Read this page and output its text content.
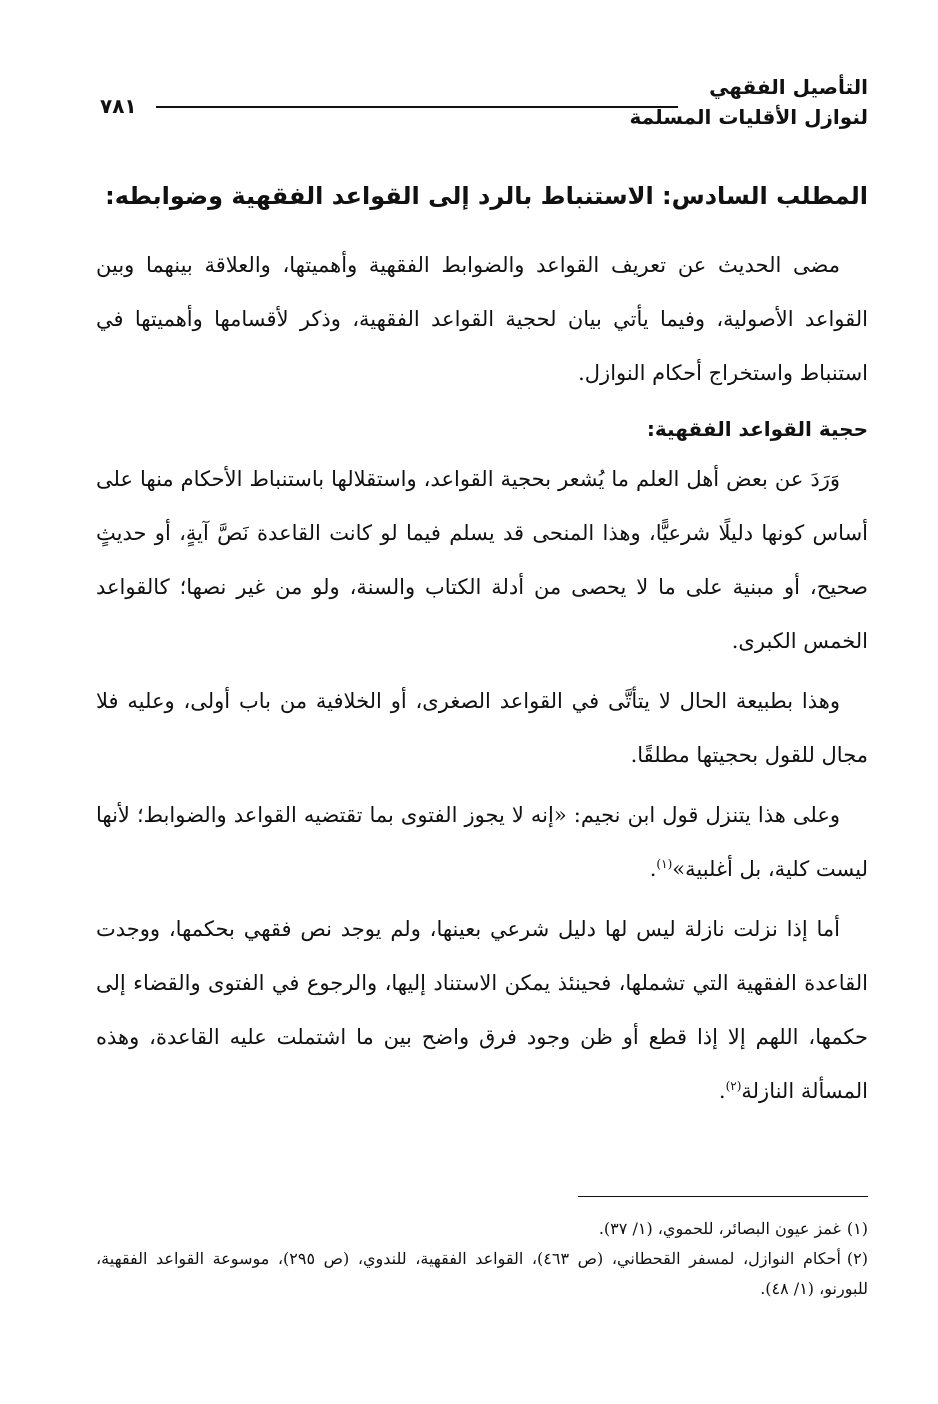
التأصيل الفقهي
لنوازل الأقليات المسلمة
٧٨١
المطلب السادس: الاستنباط بالرد إلى القواعد الفقهية وضوابطه:

مضى الحديث عن تعريف القواعد والضوابط الفقهية وأهميتها، والعلاقة بينهما وبين القواعد الأصولية، وفيما يأتي بيان لحجية القواعد الفقهية، وذكر لأقسامها وأهميتها في استنباط واستخراج أحكام النوازل.

حجية القواعد الفقهية:

وَرَدَ عن بعض أهل العلم ما يُشعر بحجية القواعد، واستقلالها باستنباط الأحكام منها على أساس كونها دليلًا شرعيًّا، وهذا المنحى قد يسلم فيما لو كانت القاعدة نَصَّ آيةٍ، أو حديثٍ صحيح، أو مبنية على ما لا يحصى من أدلة الكتاب والسنة، ولو من غير نصها؛ كالقواعد الخمس الكبرى.

وهذا بطبيعة الحال لا يتأتَّى في القواعد الصغرى، أو الخلافية من باب أولى، وعليه فلا مجال للقول بحجيتها مطلقًا.

وعلى هذا يتنزل قول ابن نجيم: «إنه لا يجوز الفتوى بما تقتضيه القواعد والضوابط؛ لأنها ليست كلية، بل أغلبية»$^{(١)}$.

أما إذا نزلت نازلة ليس لها دليل شرعي بعينها، ولم يوجد نص فقهي بحكمها، ووجدت القاعدة الفقهية التي تشملها، فحينئذ يمكن الاستناد إليها، والرجوع في الفتوى والقضاء إلى حكمها، اللهم إلا إذا قطع أو ظن وجود فرق واضح بين ما اشتملت عليه القاعدة، وهذه المسألة النازلة$^{(٢)}$.

(١)غمز عيون البصائر، للحموي، (١/ ٣٧).

(٢)أحكام النوازل، لمسفر القحطاني، (ص ٤٦٣)، القواعد الفقهية، للندوي، (ص ٢٩٥)، موسوعة القواعد الفقهية، للبورنو، (١/ ٤٨).
